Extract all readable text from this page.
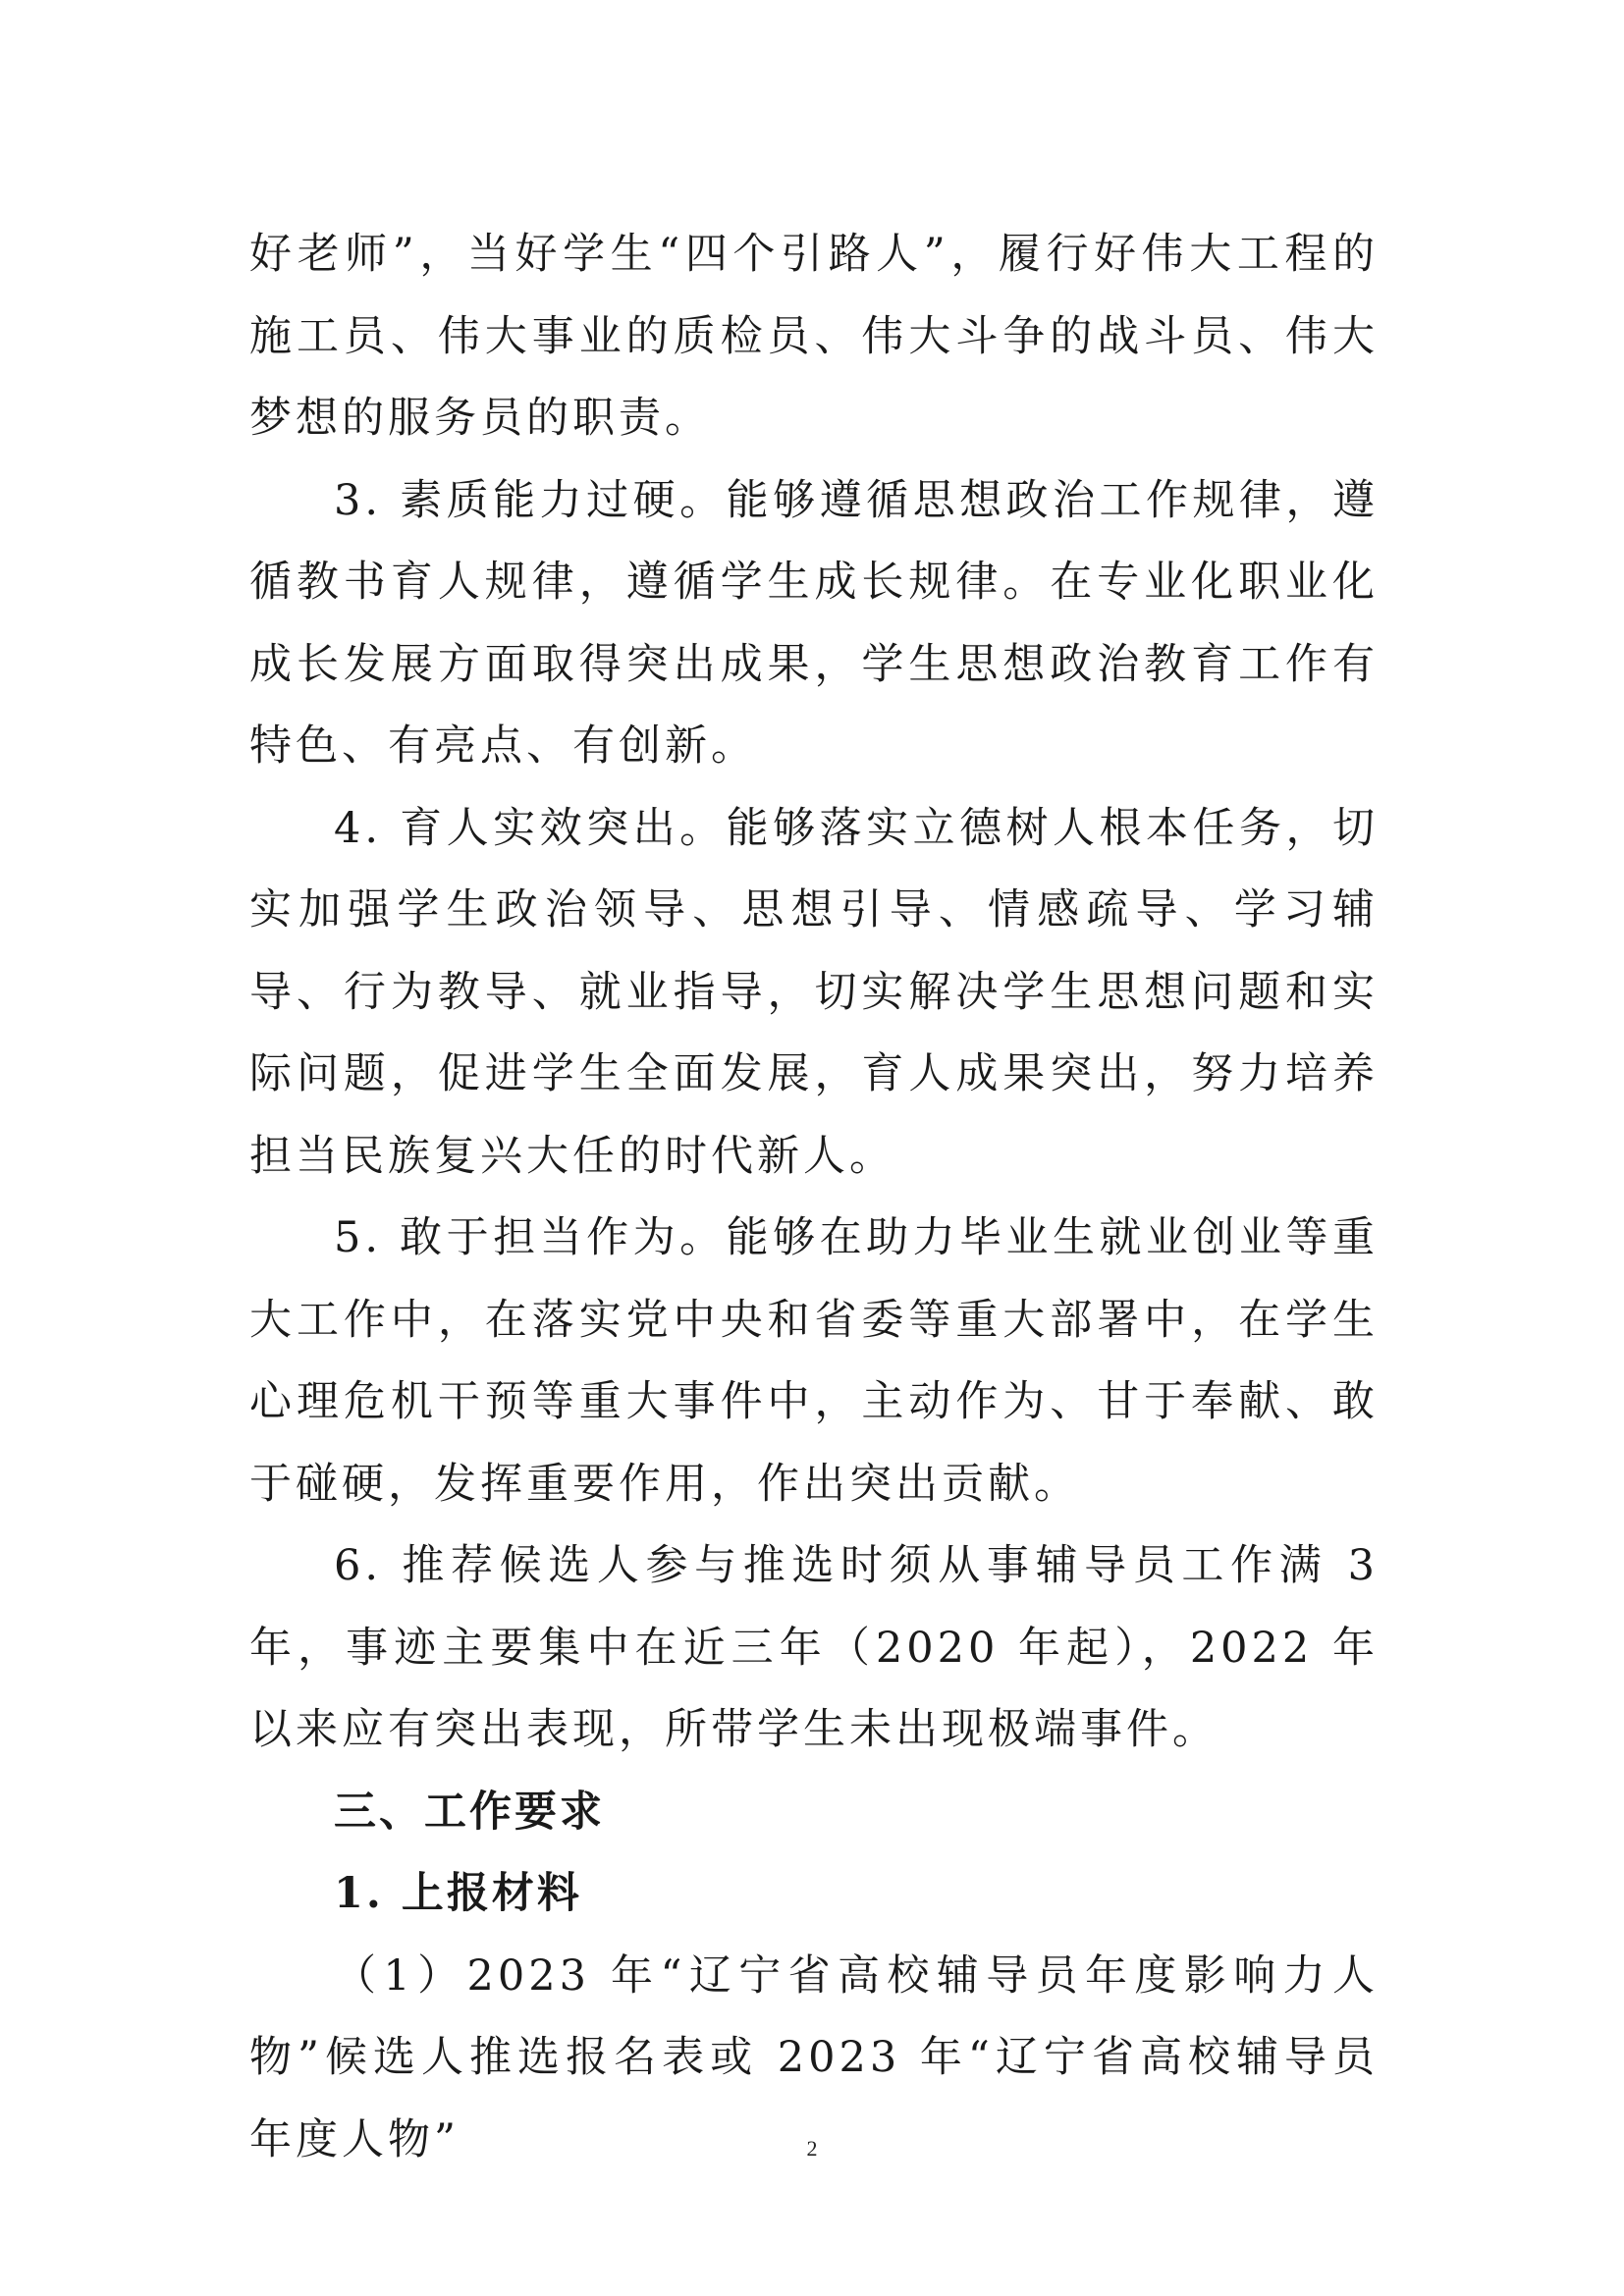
好老师”，当好学生“四个引路人”，履行好伟大工程的施工员、伟大事业的质检员、伟大斗争的战斗员、伟大梦想的服务员的职责。

3. 素质能力过硬。能够遵循思想政治工作规律，遵循教书育人规律，遵循学生成长规律。在专业化职业化成长发展方面取得突出成果，学生思想政治教育工作有特色、有亮点、有创新。

4. 育人实效突出。能够落实立德树人根本任务，切实加强学生政治领导、思想引导、情感疏导、学习辅导、行为教导、就业指导，切实解决学生思想问题和实际问题，促进学生全面发展，育人成果突出，努力培养担当民族复兴大任的时代新人。

5. 敢于担当作为。能够在助力毕业生就业创业等重大工作中，在落实党中央和省委等重大部署中，在学生心理危机干预等重大事件中，主动作为、甘于奉献、敢于碰硬，发挥重要作用，作出突出贡献。

6. 推荐候选人参与推选时须从事辅导员工作满 3 年，事迹主要集中在近三年（2020 年起），2022 年以来应有突出表现，所带学生未出现极端事件。

三、工作要求
1. 上报材料

（1）2023 年“辽宁省高校辅导员年度影响力人物”候选人推选报名表或 2023 年“辽宁省高校辅导员年度人物”	2
